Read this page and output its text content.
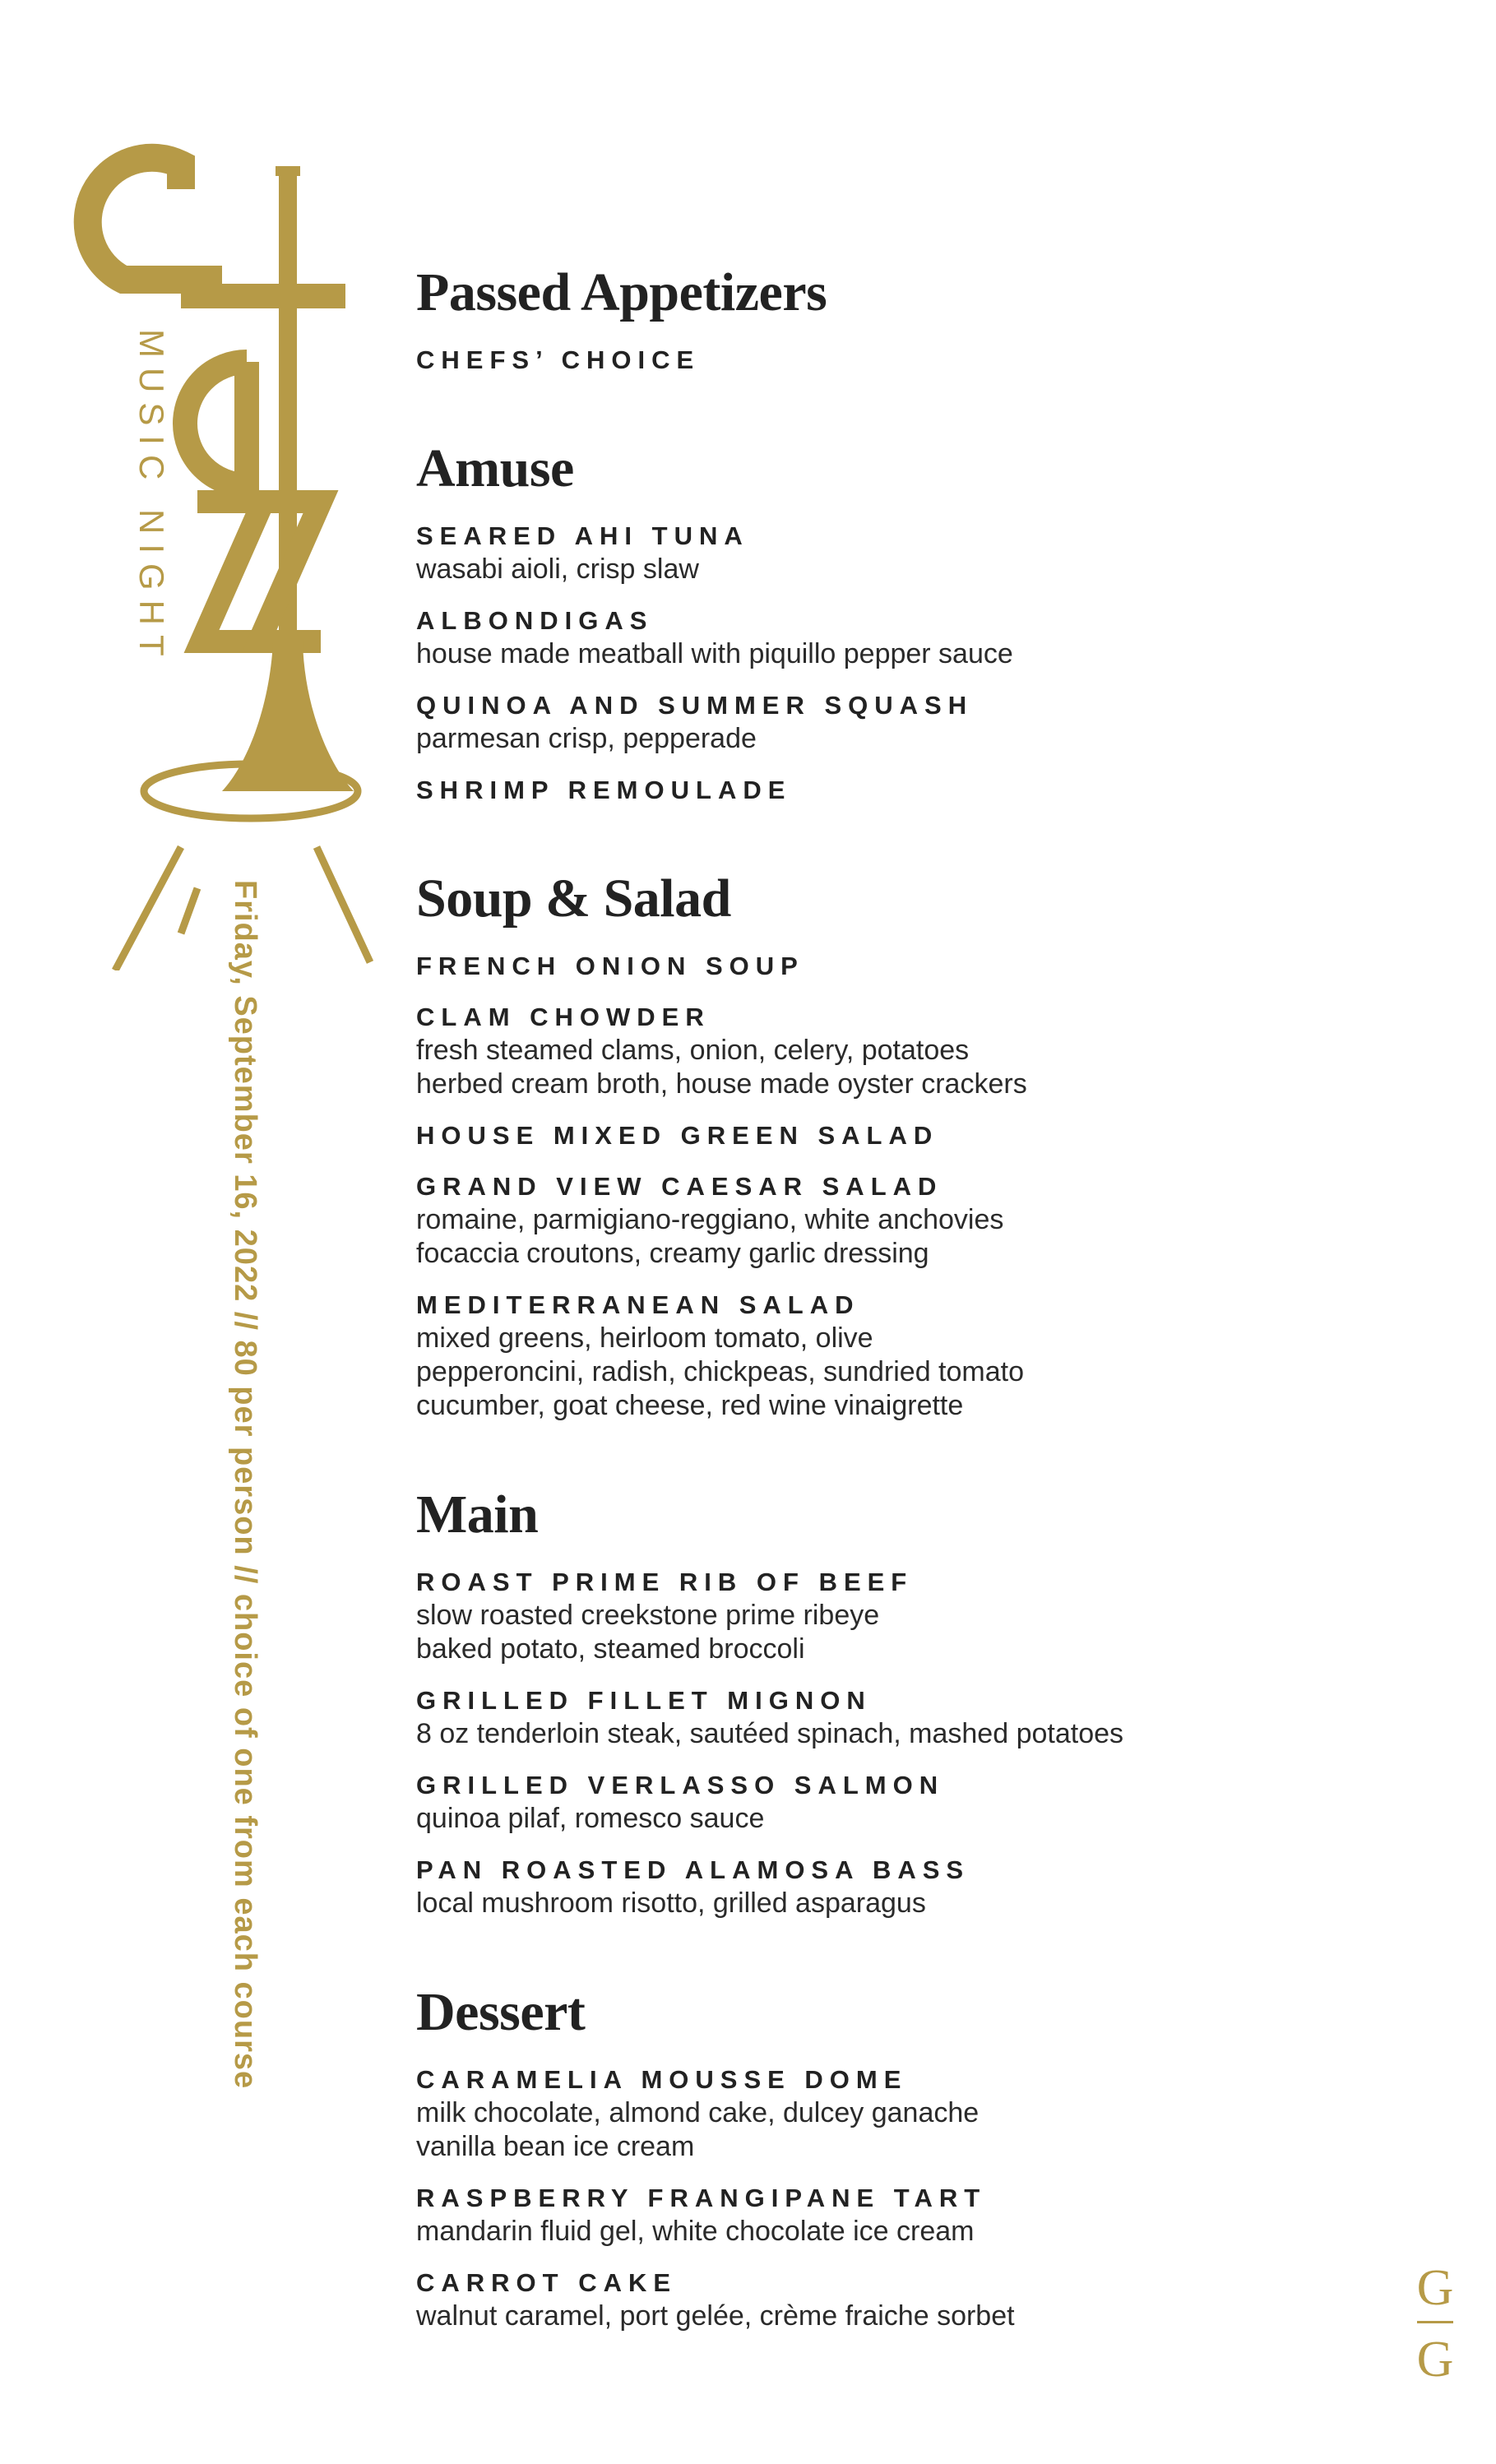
MUSIC NIGHT
Friday, September 16, 2022 // 80 per person // choice of one from each course
Passed Appetizers
CHEFS’ CHOICE
Amuse
SEARED AHI TUNA
wasabi aioli, crisp slaw
ALBONDIGAS
house made meatball with piquillo pepper sauce
QUINOA AND SUMMER SQUASH
parmesan crisp, pepperade
SHRIMP REMOULADE
Soup & Salad
FRENCH ONION SOUP
CLAM CHOWDER
fresh steamed clams, onion, celery, potatoes
herbed cream broth, house made oyster crackers
HOUSE MIXED GREEN SALAD
GRAND VIEW CAESAR SALAD
romaine, parmigiano-reggiano, white anchovies
focaccia croutons, creamy garlic dressing
MEDITERRANEAN SALAD
mixed greens, heirloom tomato, olive
pepperoncini, radish, chickpeas, sundried tomato
cucumber, goat cheese, red wine vinaigrette
Main
ROAST PRIME RIB OF BEEF
slow roasted creekstone prime ribeye
baked potato, steamed broccoli
GRILLED FILLET MIGNON
8 oz tenderloin steak, sautéed spinach, mashed potatoes
GRILLED VERLASSO SALMON
quinoa pilaf, romesco sauce
PAN ROASTED ALAMOSA BASS
local mushroom risotto, grilled asparagus
Dessert
CARAMELIA MOUSSE DOME
milk chocolate, almond cake, dulcey ganache
vanilla bean ice cream
RASPBERRY FRANGIPANE TART
mandarin fluid gel, white chocolate ice cream
CARROT CAKE
walnut caramel, port gelée, crème fraiche sorbet	G
G
